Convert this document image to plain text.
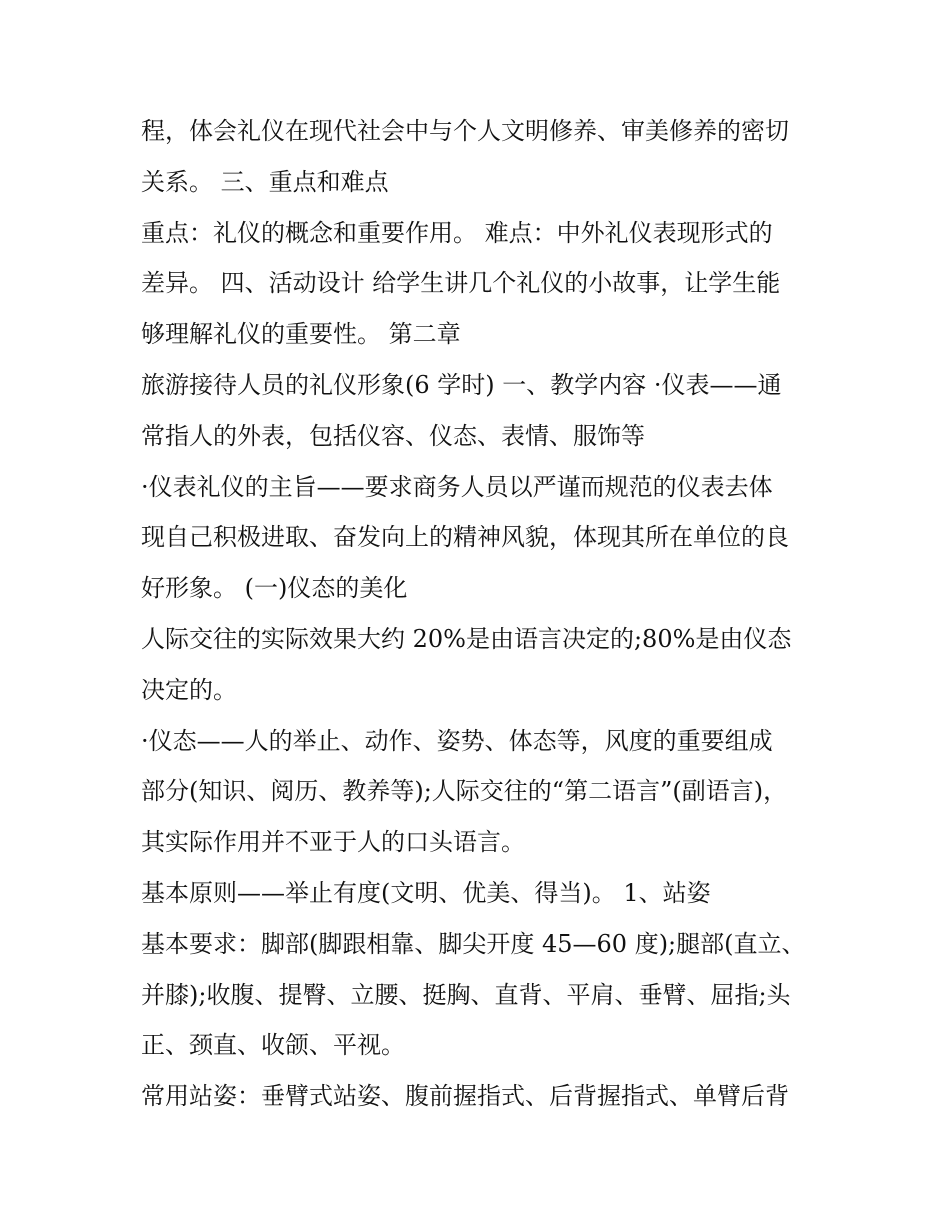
程，体会礼仪在现代社会中与个人文明修养、审美修养的密切
关系。 三、重点和难点
重点：礼仪的概念和重要作用。 难点：中外礼仪表现形式的
差异。 四、活动设计 给学生讲几个礼仪的小故事，让学生能
够理解礼仪的重要性。 第二章
旅游接待人员的礼仪形象(6 学时) 一、教学内容 ·仪表——通
常指人的外表，包括仪容、仪态、表情、服饰等
·仪表礼仪的主旨——要求商务人员以严谨而规范的仪表去体
现自己积极进取、奋发向上的精神风貌，体现其所在单位的良
好形象。 (一)仪态的美化
人际交往的实际效果大约 20%是由语言决定的;80%是由仪态
决定的。
·仪态——人的举止、动作、姿势、体态等，风度的重要组成
部分(知识、阅历、教养等);人际交往的“第二语言”(副语言)，
其实际作用并不亚于人的口头语言。
基本原则——举止有度(文明、优美、得当)。 1、站姿
基本要求：脚部(脚跟相靠、脚尖开度 45—60 度);腿部(直立、
并膝);收腹、提臀、立腰、挺胸、直背、平肩、垂臂、屈指;头
正、颈直、收颌、平视。
常用站姿：垂臂式站姿、腹前握指式、后背握指式、单臂后背
